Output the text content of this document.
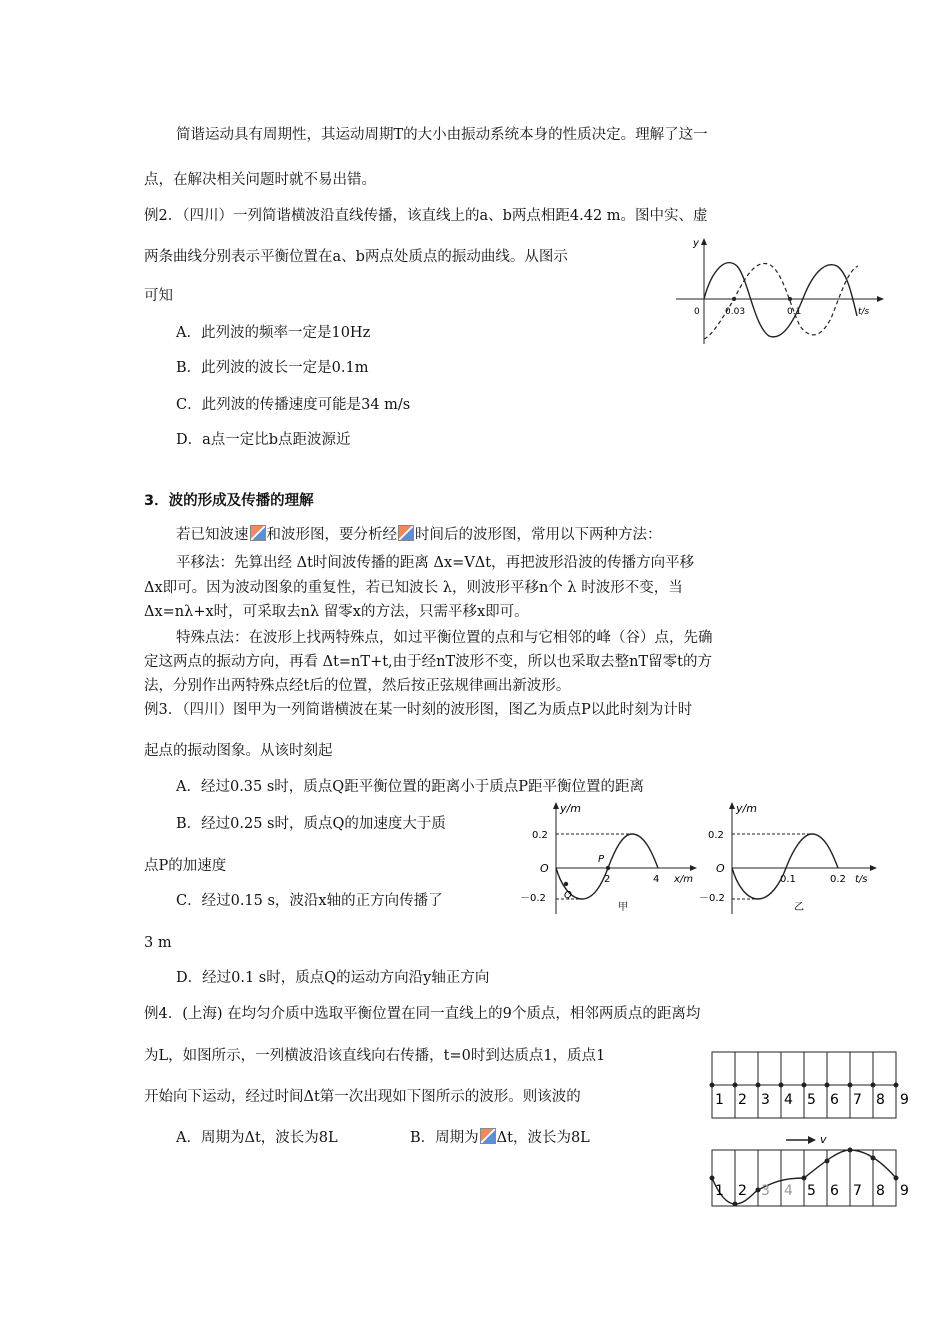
简谐运动具有周期性，其运动周期T的大小由振动系统本身的性质决定。理解了这一
点，在解决相关问题时就不易出错。
例2．（四川）一列简谐横波沿直线传播，该直线上的a、b两点相距4.42 m。图中实、虚
两条曲线分别表示平衡位置在a、b两点处质点的振动曲线。从图示
可知
A．此列波的频率一定是10Hz
B．此列波的波长一定是0.1m
C．此列波的传播速度可能是34 m/s
D．a点一定比b点距波源近
y
0	0.03	0.1	t/s
3．波的形成及传播的理解
若已知波速 和波形图，要分析经 时间后的波形图，常用以下两种方法：
平移法：先算出经 Δt时间波传播的距离 Δx=VΔt，再把波形沿波的传播方向平移
Δx即可。因为波动图象的重复性，若已知波长 λ，则波形平移n个 λ 时波形不变，当
Δx=nλ+x时，可采取去nλ 留零x的方法，只需平移x即可。
特殊点法：在波形上找两特殊点，如过平衡位置的点和与它相邻的峰（谷）点，先确
定这两点的振动方向，再看 Δt=nT+t,由于经nT波形不变，所以也采取去整nT留零t的方
法，分别作出两特殊点经t后的位置，然后按正弦规律画出新波形。
例3．（四川）图甲为一列简谐横波在某一时刻的波形图，图乙为质点P以此时刻为计时
起点的振动图象。从该时刻起
A．经过0.35 s时，质点Q距平衡位置的距离小于质点P距平衡位置的距离
B．经过0.25 s时，质点Q的加速度大于质
点P的加速度
C．经过0.15 s，波沿x轴的正方向传播了
3 m
D．经过0.1 s时，质点Q的运动方向沿y轴正方向
y/m
0.2
－0.2
O
2	4 x/m
P
Q
甲
y/m
0.2
－0.2
O
0.1	0.2 t/s
乙
例4．(上海) 在均匀介质中选取平衡位置在同一直线上的9个质点，相邻两质点的距离均
为L，如图所示，一列横波沿该直线向右传播，t=0时到达质点1，质点1
开始向下运动，经过时间Δt第一次出现如下图所示的波形。则该波的
A．周期为Δt，波长为8L	B．周期为 Δt，波长为8L
1 2 3 4 5 6 7 8 9
v
1 2 3 4 5 6 7 8 9
